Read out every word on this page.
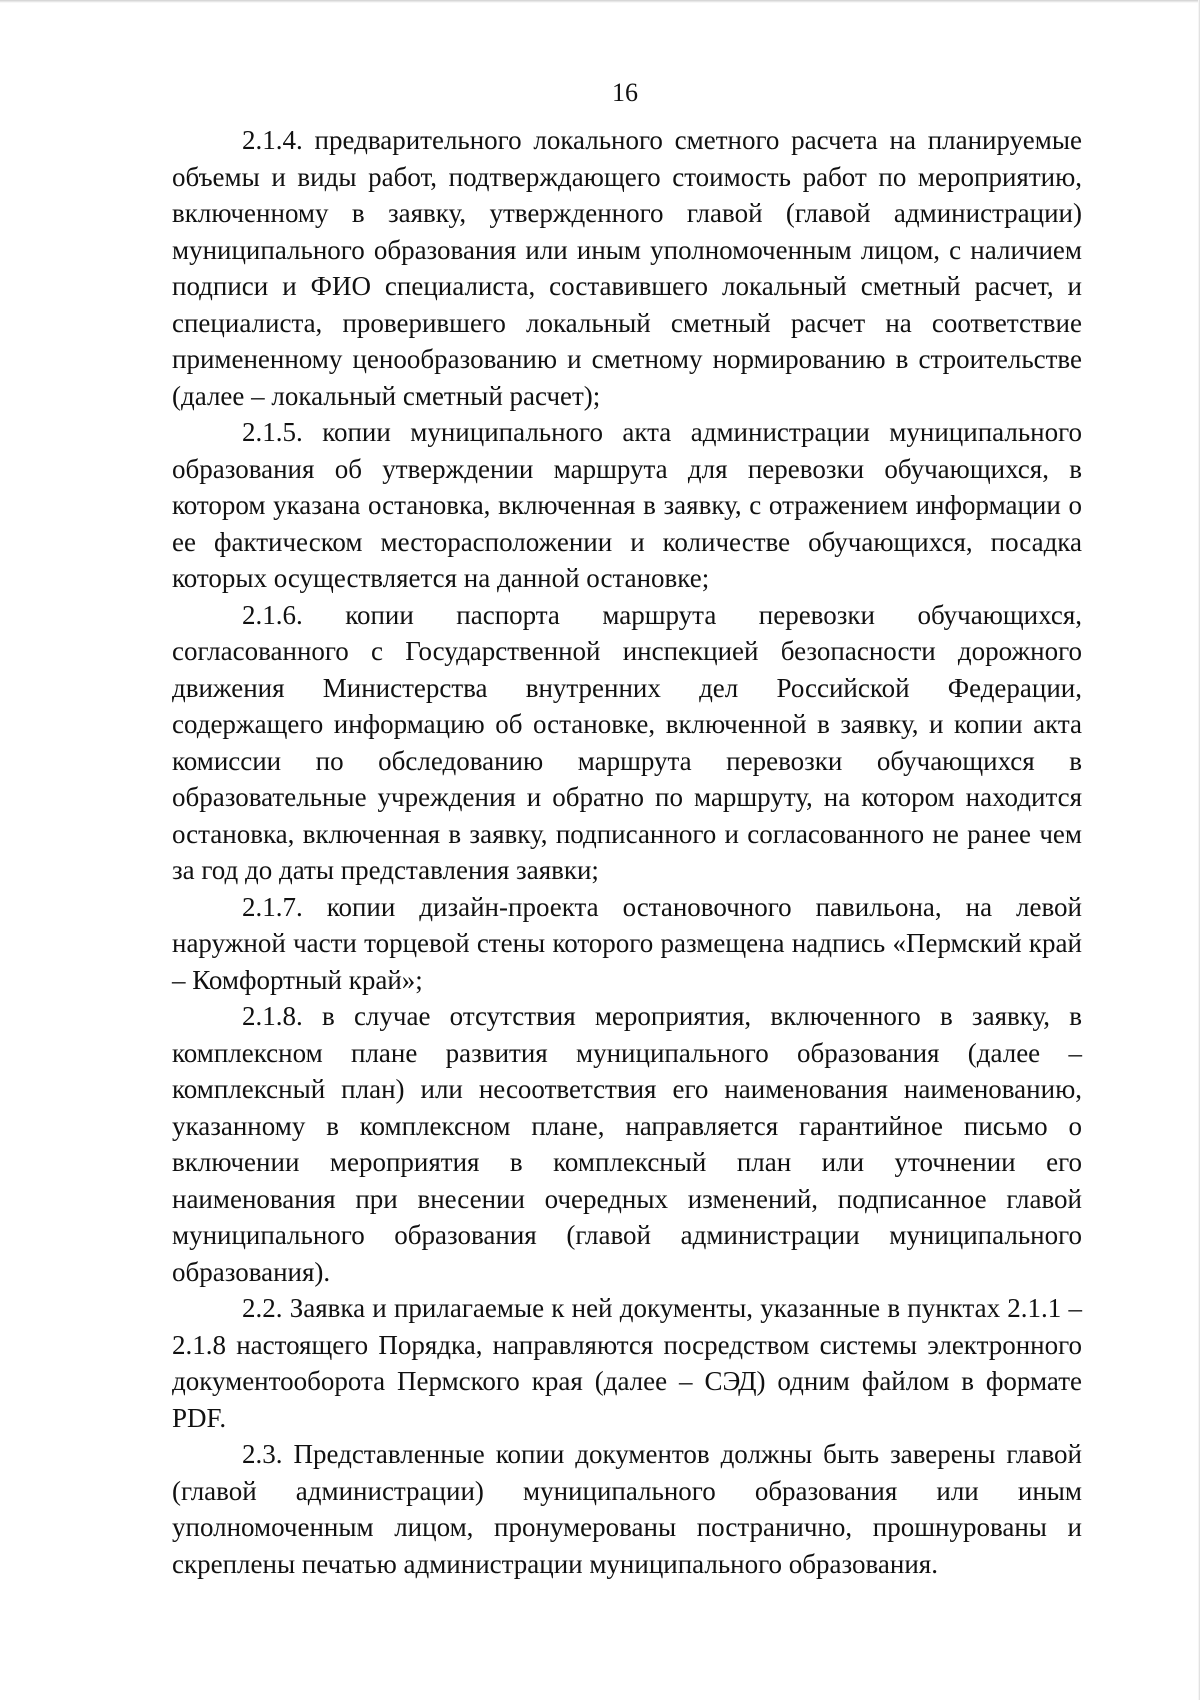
16

2.1.4. предварительного локального сметного расчета на планируемые объемы и виды работ, подтверждающего стоимость работ по мероприятию, включенному в заявку, утвержденного главой (главой администрации) муниципального образования или иным уполномоченным лицом, с наличием подписи и ФИО специалиста, составившего локальный сметный расчет, и специалиста, проверившего локальный сметный расчет на соответствие примененному ценообразованию и сметному нормированию в строительстве (далее – локальный сметный расчет);

2.1.5. копии муниципального акта администрации муниципального образования об утверждении маршрута для перевозки обучающихся, в котором указана остановка, включенная в заявку, с отражением информации о ее фактическом месторасположении и количестве обучающихся, посадка которых осуществляется на данной остановке;

2.1.6. копии паспорта маршрута перевозки обучающихся, согласованного с Государственной инспекцией безопасности дорожного движения Министерства внутренних дел Российской Федерации, содержащего информацию об остановке, включенной в заявку, и копии акта комиссии по обследованию маршрута перевозки обучающихся в образовательные учреждения и обратно по маршруту, на котором находится остановка, включенная в заявку, подписанного и согласованного не ранее чем за год до даты представления заявки;

2.1.7. копии дизайн-проекта остановочного павильона, на левой наружной части торцевой стены которого размещена надпись «Пермский край – Комфортный край»;

2.1.8. в случае отсутствия мероприятия, включенного в заявку, в комплексном плане развития муниципального образования (далее – комплексный план) или несоответствия его наименования наименованию, указанному в комплексном плане, направляется гарантийное письмо о включении мероприятия в комплексный план или уточнении его наименования при внесении очередных изменений, подписанное главой муниципального образования (главой администрации муниципального образования).

2.2. Заявка и прилагаемые к ней документы, указанные в пунктах 2.1.1 – 2.1.8 настоящего Порядка, направляются посредством системы электронного документооборота Пермского края (далее – СЭД) одним файлом в формате PDF.

2.3. Представленные копии документов должны быть заверены главой (главой администрации) муниципального образования или иным уполномоченным лицом, пронумерованы постранично, прошнурованы и скреплены печатью администрации муниципального образования.
